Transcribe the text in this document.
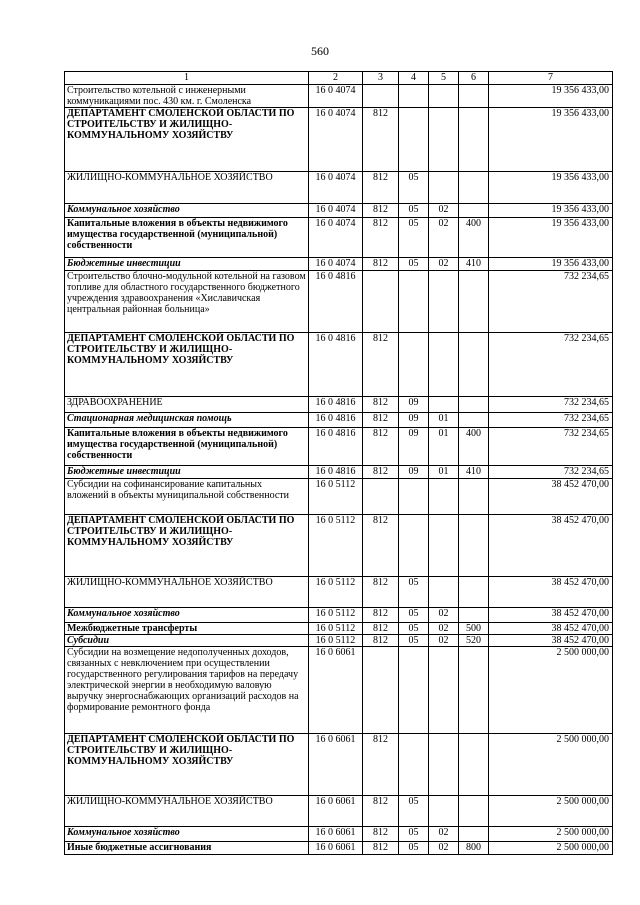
560
1	2	3	4	5	6	7
Строительство котельной с инженерными коммуникациями пос. 430 км. г. Смоленска	16 0 4074					19 356 433,00
ДЕПАРТАМЕНТ СМОЛЕНСКОЙ ОБЛАСТИ ПО СТРОИТЕЛЬСТВУ И ЖИЛИЩНО-КОММУНАЛЬНОМУ ХОЗЯЙСТВУ	16 0 4074	812				19 356 433,00
ЖИЛИЩНО-КОММУНАЛЬНОЕ ХОЗЯЙСТВО	16 0 4074	812	05			19 356 433,00
Коммунальное хозяйство	16 0 4074	812	05	02		19 356 433,00
Капитальные вложения в объекты недвижимого имущества государственной (муниципальной) собственности	16 0 4074	812	05	02	400	19 356 433,00
Бюджетные инвестиции	16 0 4074	812	05	02	410	19 356 433,00
Строительство блочно-модульной котельной на газовом топливе для областного государственного бюджетного учреждения здравоохранения «Хиславичская центральная районная больница»	16 0 4816					732 234,65
ДЕПАРТАМЕНТ СМОЛЕНСКОЙ ОБЛАСТИ ПО СТРОИТЕЛЬСТВУ И ЖИЛИЩНО-КОММУНАЛЬНОМУ ХОЗЯЙСТВУ	16 0 4816	812				732 234,65
ЗДРАВООХРАНЕНИЕ	16 0 4816	812	09			732 234,65
Стационарная медицинская помощь	16 0 4816	812	09	01		732 234,65
Капитальные вложения в объекты недвижимого имущества государственной (муниципальной) собственности	16 0 4816	812	09	01	400	732 234,65
Бюджетные инвестиции	16 0 4816	812	09	01	410	732 234,65
Субсидии на софинансирование капитальных вложений в объекты муниципальной собственности	16 0 5112					38 452 470,00
ДЕПАРТАМЕНТ СМОЛЕНСКОЙ ОБЛАСТИ ПО СТРОИТЕЛЬСТВУ И ЖИЛИЩНО-КОММУНАЛЬНОМУ ХОЗЯЙСТВУ	16 0 5112	812				38 452 470,00
ЖИЛИЩНО-КОММУНАЛЬНОЕ ХОЗЯЙСТВО	16 0 5112	812	05			38 452 470,00
Коммунальное хозяйство	16 0 5112	812	05	02		38 452 470,00
Межбюджетные трансферты	16 0 5112	812	05	02	500	38 452 470,00
Субсидии	16 0 5112	812	05	02	520	38 452 470,00
Субсидии на возмещение недополученных доходов, связанных с невключением при осуществлении государственного регулирования тарифов на передачу электрической энергии в необходимую валовую выручку энергоснабжающих организаций расходов на формирование ремонтного фонда	16 0 6061					2 500 000,00
ДЕПАРТАМЕНТ СМОЛЕНСКОЙ ОБЛАСТИ ПО СТРОИТЕЛЬСТВУ И ЖИЛИЩНО-КОММУНАЛЬНОМУ ХОЗЯЙСТВУ	16 0 6061	812				2 500 000,00
ЖИЛИЩНО-КОММУНАЛЬНОЕ ХОЗЯЙСТВО	16 0 6061	812	05			2 500 000,00
Коммунальное хозяйство	16 0 6061	812	05	02		2 500 000,00
Иные бюджетные ассигнования	16 0 6061	812	05	02	800	2 500 000,00
